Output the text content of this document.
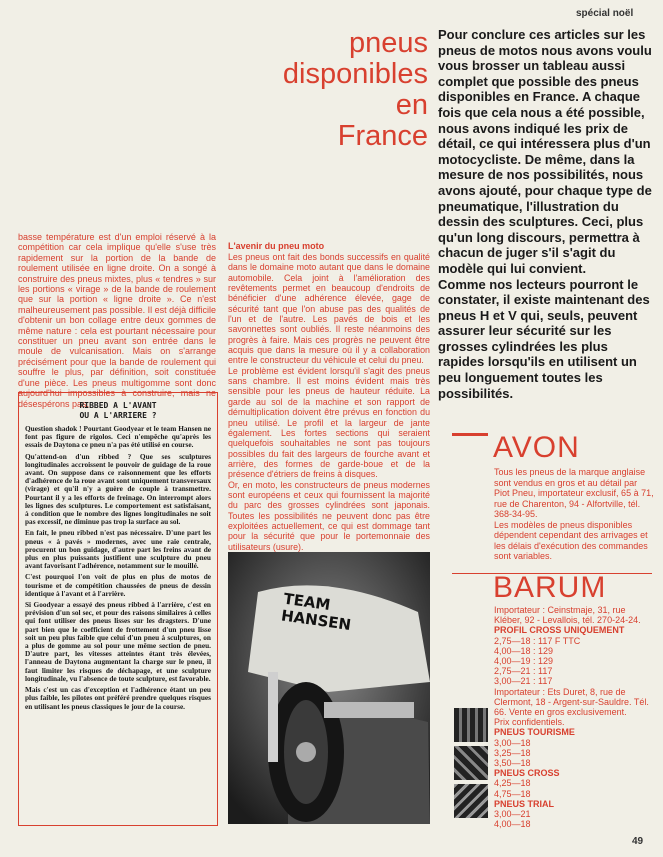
spécial noël
pneus
disponibles
en
France

Pour conclure ces articles sur les pneus de motos nous avons voulu vous brosser un tableau aussi complet que possible des pneus disponibles en France. A chaque fois que cela nous a été possible, nous avons indiqué les prix de détail, ce qui intéressera plus d'un motocycliste. De même, dans la mesure de nos possibilités, nous avons ajouté, pour chaque type de pneumatique, l'illustration du dessin des sculptures. Ceci, plus qu'un long discours, permettra à chacun de juger s'il s'agit du modèle qui lui convient.

Comme nos lecteurs pourront le constater, il existe maintenant des pneus H et V qui, seuls, peuvent assurer leur sécurité sur les grosses cylindrées les plus rapides lorsqu'ils en utilisent un peu longuement toutes les possibilités.

basse température est d'un emploi réservé à la compétition car cela implique qu'elle s'use très rapidement sur la portion de la bande de roulement utilisée en ligne droite. On a songé à construire des pneus mixtes, plus « tendres » sur les portions « virage » de la bande de roulement que sur la portion « ligne droite ». Ce n'est malheureusement pas possible. Il est déjà difficile d'obtenir un bon collage entre deux gommes de même nature : cela est pourtant nécessaire pour constituer un pneu avant son entrée dans le moule de vulcanisation. Mais on s'arrange précisément pour que la bande de roulement qui souffre le plus, par définition, soit constituée d'une pièce. Les pneus multigomme sont donc aujourd'hui impossibles à construire, mais ne désespérons pas.
RIBBED A L'AVANT
OU A L'ARRIERE ?

Question shadok ! Pourtant Goodyear et le team Hansen ne font pas figure de rigolos. Ceci n'empêche qu'après les essais de Daytona ce pneu n'a pas été utilisé en course.

Qu'attend-on d'un ribbed ? Que ses sculptures longitudinales accroissent le pouvoir de guidage de la roue avant. On suppose dans ce raisonnement que les efforts d'adhérence de la roue avant sont uniquement transversaux (virage) et qu'il n'y a guère de couple à transmettre. Pourtant il y a les efforts de freinage. On interrompt alors les lignes des sculptures. Le comportement est satisfaisant, à condition que le nombre des lignes longitudinales ne soit pas excessif, ne diminue pas trop la surface au sol.

En fait, le pneu ribbed n'est pas nécessaire. D'une part les pneus « à pavés » modernes, avec une raie centrale, procurent un bon guidage, d'autre part les freins avant de plus en plus puissants justifient une sculpture du pneu avant favorisant l'adhérence, notamment sur le mouillé.

C'est pourquoi l'on voit de plus en plus de motos de tourisme et de compétition chaussées de pneus de dessin identique à l'avant et à l'arrière.

Si Goodyear a essayé des pneus ribbed à l'arrière, c'est en prévision d'un sol sec, et pour des raisons similaires à celles qui font utiliser des pneus lisses sur les dragsters. D'une part bien que le coefficient de frottement d'un pneu lisse soit un peu plus faible que celui d'un pneu à sculptures, on a plus de gomme au sol pour une même section de pneu. D'autre part, les vitesses atteintes étant très élevées, l'anneau de Daytona augmentant la charge sur le pneu, il faut limiter les risques de déchapage, et une sculpture longitudinale, vu l'absence de toute sculpture, est favorable.

Mais c'est un cas d'exception et l'adhérence étant un peu plus faible, les pilotes ont préféré prendre quelques risques en utilisant les pneus classiques le jour de la course.

L'avenir du pneu moto

Les pneus ont fait des bonds successifs en qualité dans le domaine moto autant que dans le domaine automobile. Cela joint à l'amélioration des revêtements permet en beaucoup d'endroits de bénéficier d'une adhérence élevée, gage de sécurité tant que l'on abuse pas des qualités de l'un et de l'autre. Les pavés de bois et les savonnettes sont oubliés. Il reste néanmoins des progrès à faire. Mais ces progrès ne peuvent être acquis que dans la mesure où il y a collaboration entre le constructeur du véhicule et celui du pneu.

Le problème est évident lorsqu'il s'agit des pneus sans chambre. Il est moins évident mais très sensible pour les pneus de hauteur réduite. La garde au sol de la machine et son rapport de démultiplication doivent être prévus en fonction du pneu utilisé. Le profil et la largeur de jante également. Les fortes sections qui seraient quelquefois souhaitables ne sont pas toujours possibles du fait des largeurs de fourche avant et arrière, des formes de garde-boue et de la présence d'étriers de freins à disques.

Or, en moto, les constructeurs de pneus modernes sont européens et ceux qui fournissent la majorité du parc des grosses cylindrées sont japonais. Toutes les possibilités ne peuvent donc pas être exploitées actuellement, ce qui est dommage tant pour la sécurité que pour le portemonnaie des utilisateurs (usure).

TEAM HANSEN
AVON

Tous les pneus de la marque anglaise sont vendus en gros et au détail par Piot Pneu, importateur exclusif, 65 à 71, rue de Charenton, 94 - Alfortville, tél. 368-34-95.

Les modèles de pneus disponibles dépendent cependant des arrivages et les délais d'exécution des commandes sont variables.

BARUM

Importateur : Ceinstmaje, 31, rue Kléber, 92 - Levallois, tél. 270-24-24.

PROFIL CROSS UNIQUEMENT

2,75—18 : 117 F TTC

4,00—18 : 129

4,00—19 : 129

2,75—21 : 117

3,00—21 : 117

Importateur : Ets Duret, 8, rue de Clermont, 18 - Argent-sur-Sauldre. Tél. 66. Vente en gros exclusivement.

Prix confidentiels.

PNEUS TOURISME

3,00—18

3,25—18

3,50—18

PNEUS CROSS

4,25—18

4,75—18

PNEUS TRIAL

3,00—21

4,00—18

49
